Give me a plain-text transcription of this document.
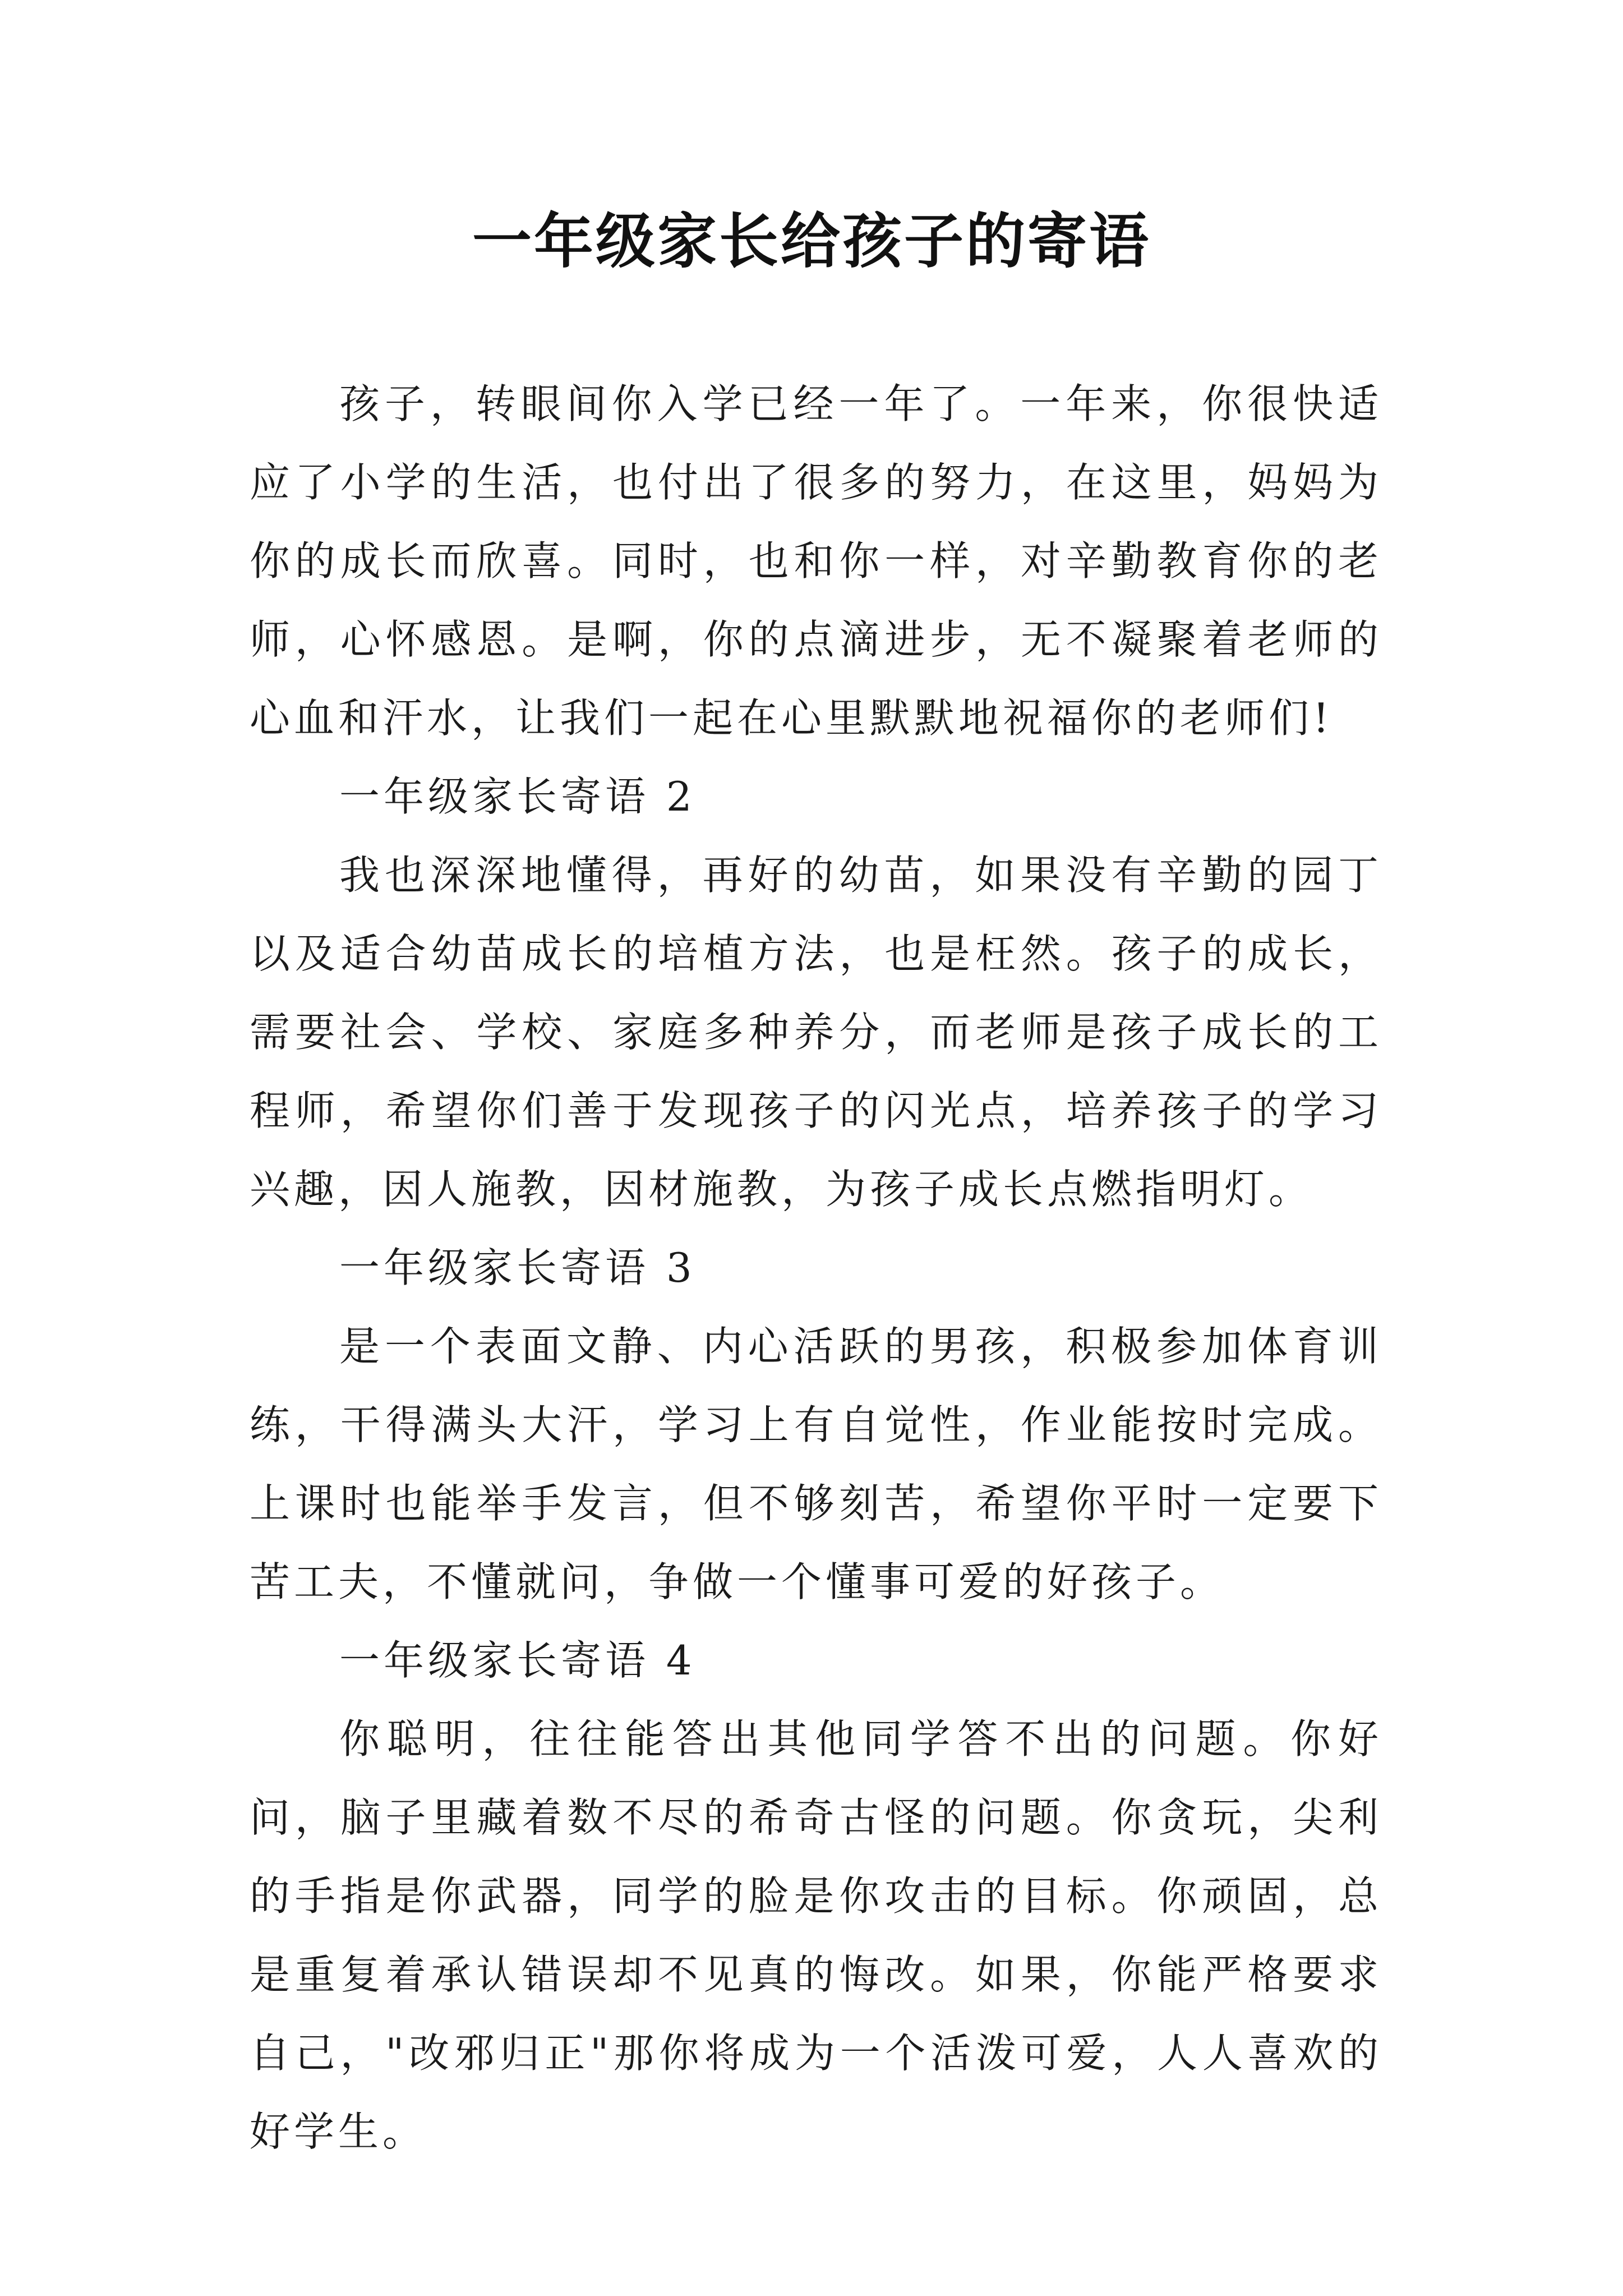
一年级家长给孩子的寄语

孩子，转眼间你入学已经一年了。一年来，你很快适应了小学的生活，也付出了很多的努力，在这里，妈妈为你的成长而欣喜。同时，也和你一样，对辛勤教育你的老师，心怀感恩。是啊，你的点滴进步，无不凝聚着老师的心血和汗水，让我们一起在心里默默地祝福你的老师们!

一年级家长寄语 2

我也深深地懂得，再好的幼苗，如果没有辛勤的园丁以及适合幼苗成长的培植方法，也是枉然。孩子的成长，需要社会、学校、家庭多种养分，而老师是孩子成长的工程师，希望你们善于发现孩子的闪光点，培养孩子的学习兴趣，因人施教，因材施教，为孩子成长点燃指明灯。

一年级家长寄语 3

是一个表面文静、内心活跃的男孩，积极参加体育训练，干得满头大汗，学习上有自觉性，作业能按时完成。上课时也能举手发言，但不够刻苦，希望你平时一定要下苦工夫，不懂就问，争做一个懂事可爱的好孩子。

一年级家长寄语 4

你聪明，往往能答出其他同学答不出的问题。你好问，脑子里藏着数不尽的希奇古怪的问题。你贪玩，尖利的手指是你武器，同学的脸是你攻击的目标。你顽固，总是重复着承认错误却不见真的悔改。如果，你能严格要求自己，"改邪归正"那你将成为一个活泼可爱，人人喜欢的好学生。
